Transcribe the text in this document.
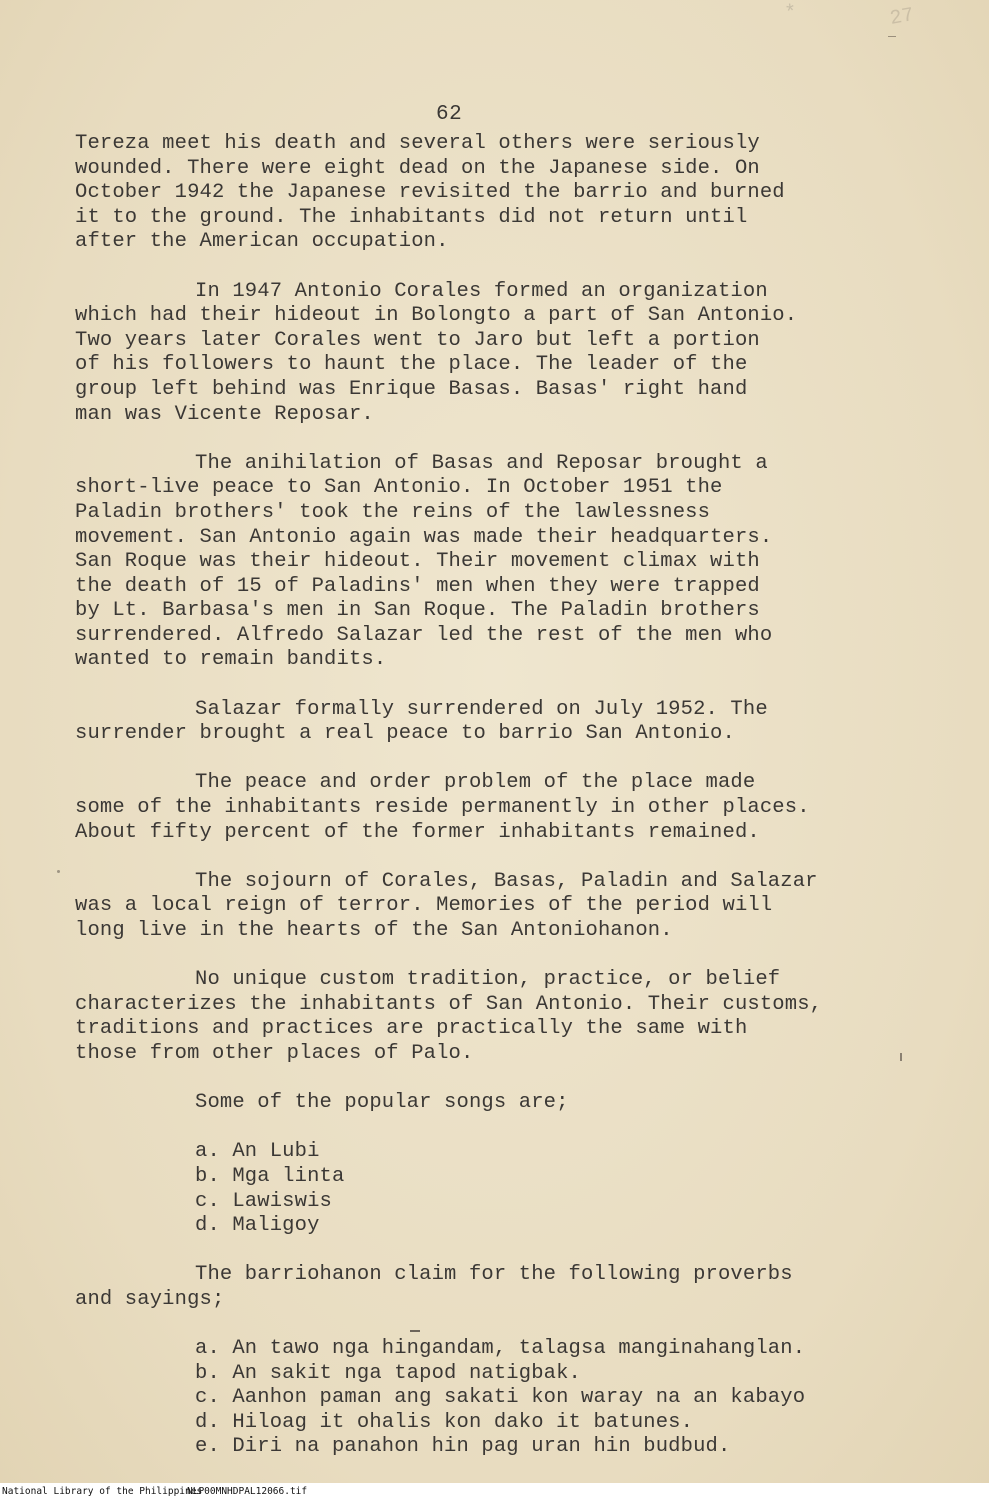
*	27
62
Tereza meet his death and several others were seriously
wounded. There were eight dead on the Japanese side. On
October 1942 the Japanese revisited the barrio and burned
it to the ground. The inhabitants did not return until
after the American occupation.
In 1947 Antonio Corales formed an organization
which had their hideout in Bolongto a part of San Antonio.
Two years later Corales went to Jaro but left a portion
of his followers to haunt the place. The leader of the
group left behind was Enrique Basas. Basas' right hand
man was Vicente Reposar.
The anihilation of Basas and Reposar brought a
short-live peace to San Antonio. In October 1951 the
Paladin brothers' took the reins of the lawlessness
movement. San Antonio again was made their headquarters.
San Roque was their hideout. Their movement climax with
the death of 15 of Paladins' men when they were trapped
by Lt. Barbasa's men in San Roque. The Paladin brothers
surrendered. Alfredo Salazar led the rest of the men who
wanted to remain bandits.
Salazar formally surrendered on July 1952. The
surrender brought a real peace to barrio San Antonio.
The peace and order problem of the place made
some of the inhabitants reside permanently in other places.
About fifty percent of the former inhabitants remained.
The sojourn of Corales, Basas, Paladin and Salazar
was a local reign of terror. Memories of the period will
long live in the hearts of the San Antoniohanon.
No unique custom tradition, practice, or belief
characterizes the inhabitants of San Antonio. Their customs,
traditions and practices are practically the same with
those from other places of Palo.
Some of the popular songs are;
a. An Lubi
b. Mga linta
c. Lawiswis
d. Maligoy
The barriohanon claim for the following proverbs
and sayings;
a. An tawo nga hingandam, talagsa manginahanglan.
b. An sakit nga tapod natigbak.
c. Aanhon paman ang sakati kon waray na an kabayo
d. Hiloag it ohalis kon dako it batunes.
e. Diri na panahon hin pag uran hin budbud.
National Library of the Philippines
NLP00MNHDPAL12066.tif
